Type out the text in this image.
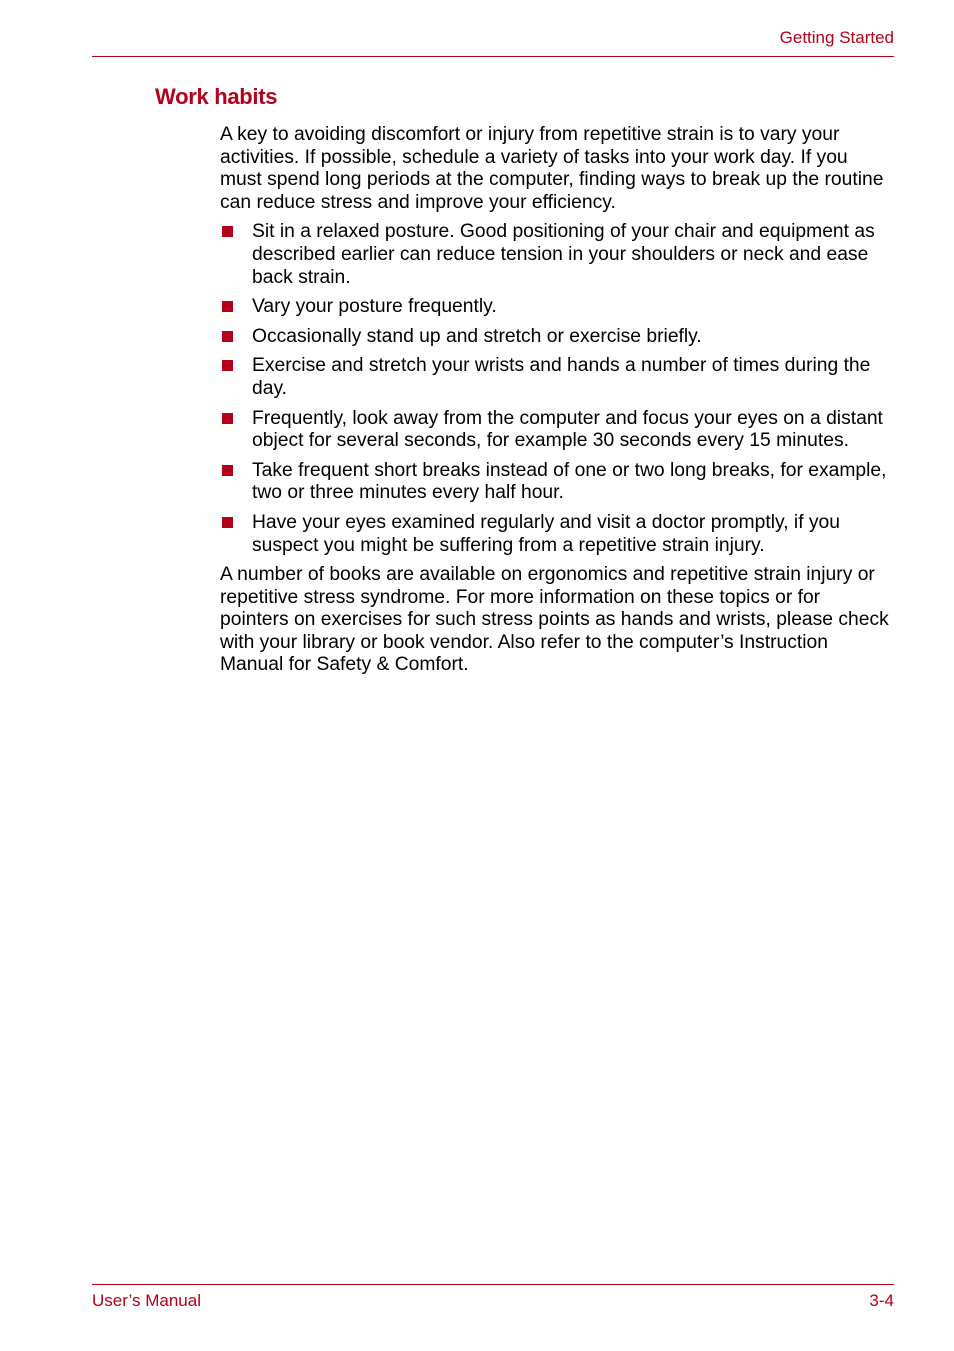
Getting Started
Work habits

A key to avoiding discomfort or injury from repetitive strain is to vary your activities. If possible, schedule a variety of tasks into your work day. If you must spend long periods at the computer, finding ways to break up the routine can reduce stress and improve your efficiency.

Sit in a relaxed posture. Good positioning of your chair and equipment as described earlier can reduce tension in your shoulders or neck and ease back strain.
Vary your posture frequently.
Occasionally stand up and stretch or exercise briefly.
Exercise and stretch your wrists and hands a number of times during the day.
Frequently, look away from the computer and focus your eyes on a distant object for several seconds, for example 30 seconds every 15 minutes.
Take frequent short breaks instead of one or two long breaks, for example, two or three minutes every half hour.
Have your eyes examined regularly and visit a doctor promptly, if you suspect you might be suffering from a repetitive strain injury.

A number of books are available on ergonomics and repetitive strain injury or repetitive stress syndrome. For more information on these topics or for pointers on exercises for such stress points as hands and wrists, please check with your library or book vendor. Also refer to the computer’s Instruction Manual for Safety & Comfort.

User’s Manual	3-4
